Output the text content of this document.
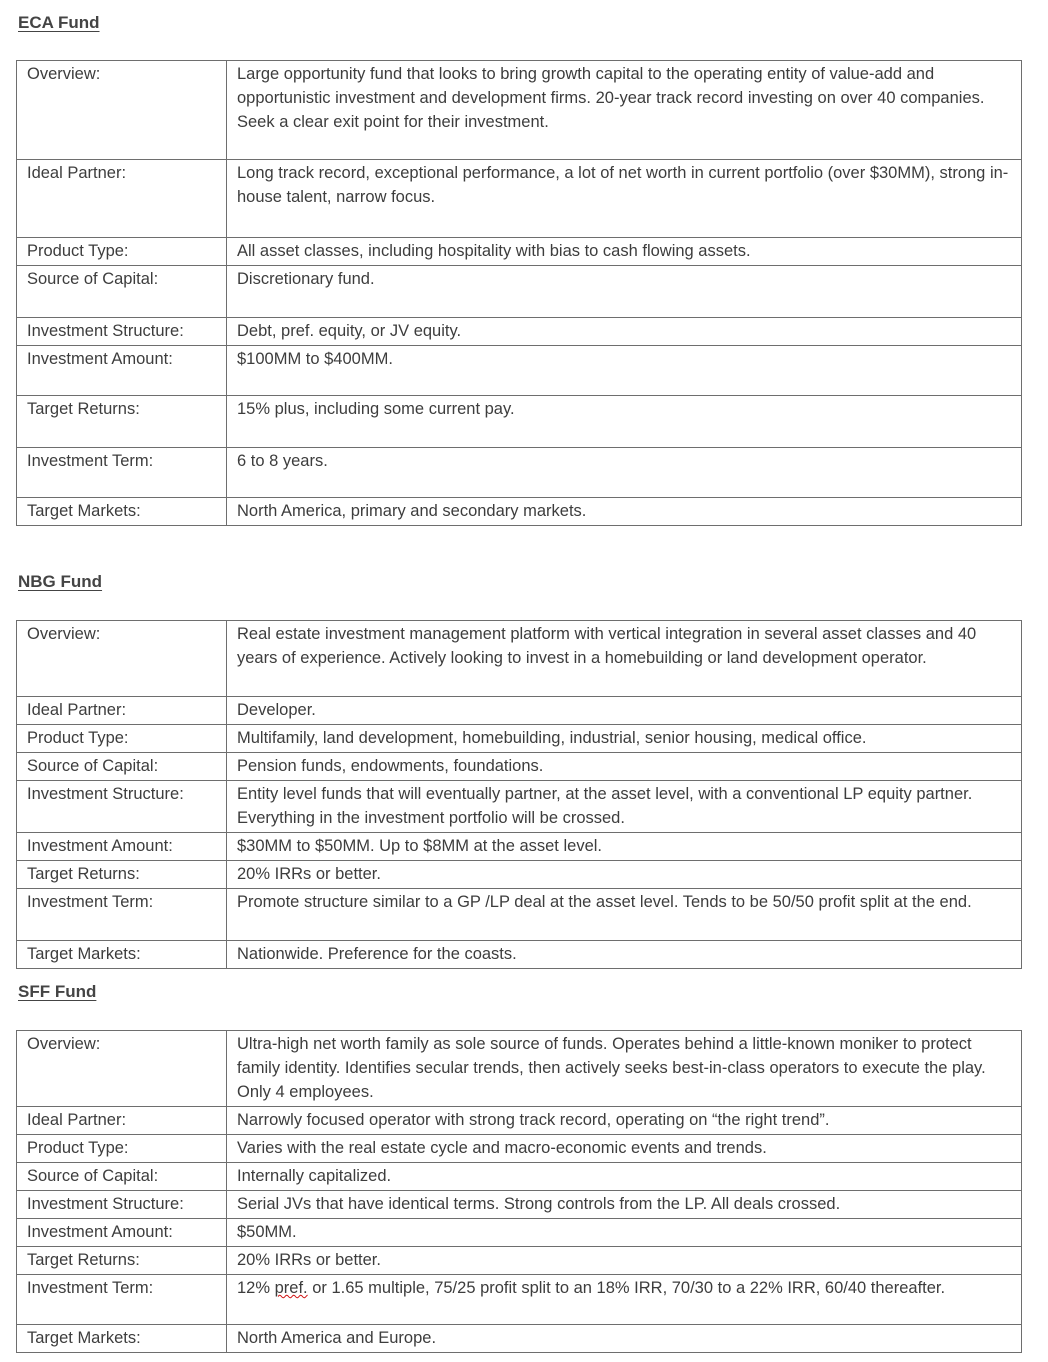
ECA Fund
Overview:	Large opportunity fund that looks to bring growth capital to the operating entity of value-add and opportunistic investment and development firms. 20-year track record investing on over 40 companies. Seek a clear exit point for their investment.
Ideal Partner:	Long track record, exceptional performance, a lot of net worth in current portfolio (over $30MM), strong in-house talent, narrow focus.
Product Type:	All asset classes, including hospitality with bias to cash flowing assets.
Source of Capital:	Discretionary fund.
Investment Structure:	Debt, pref. equity, or JV equity.
Investment Amount:	$100MM to $400MM.
Target Returns:	15% plus, including some current pay.
Investment Term:	6 to 8 years.
Target Markets:	North America, primary and secondary markets.
NBG Fund
Overview:	Real estate investment management platform with vertical integration in several asset classes and 40 years of experience. Actively looking to invest in a homebuilding or land development operator.
Ideal Partner:	Developer.
Product Type:	Multifamily, land development, homebuilding, industrial, senior housing, medical office.
Source of Capital:	Pension funds, endowments, foundations.
Investment Structure:	Entity level funds that will eventually partner, at the asset level, with a conventional LP equity partner. Everything in the investment portfolio will be crossed.
Investment Amount:	$30MM to $50MM. Up to $8MM at the asset level.
Target Returns:	20% IRRs or better.
Investment Term:	Promote structure similar to a GP /LP deal at the asset level. Tends to be 50/50 profit split at the end.
Target Markets:	Nationwide. Preference for the coasts.
SFF Fund
Overview:	Ultra-high net worth family as sole source of funds. Operates behind a little-known moniker to protect family identity. Identifies secular trends, then actively seeks best-in-class operators to execute the play. Only 4 employees.
Ideal Partner:	Narrowly focused operator with strong track record, operating on “the right trend”.
Product Type:	Varies with the real estate cycle and macro-economic events and trends.
Source of Capital:	Internally capitalized.
Investment Structure:	Serial JVs that have identical terms. Strong controls from the LP. All deals crossed.
Investment Amount:	$50MM.
Target Returns:	20% IRRs or better.
Investment Term:	12% pref. or 1.65 multiple, 75/25 profit split to an 18% IRR, 70/30 to a 22% IRR, 60/40 thereafter.
Target Markets:	North America and Europe.
